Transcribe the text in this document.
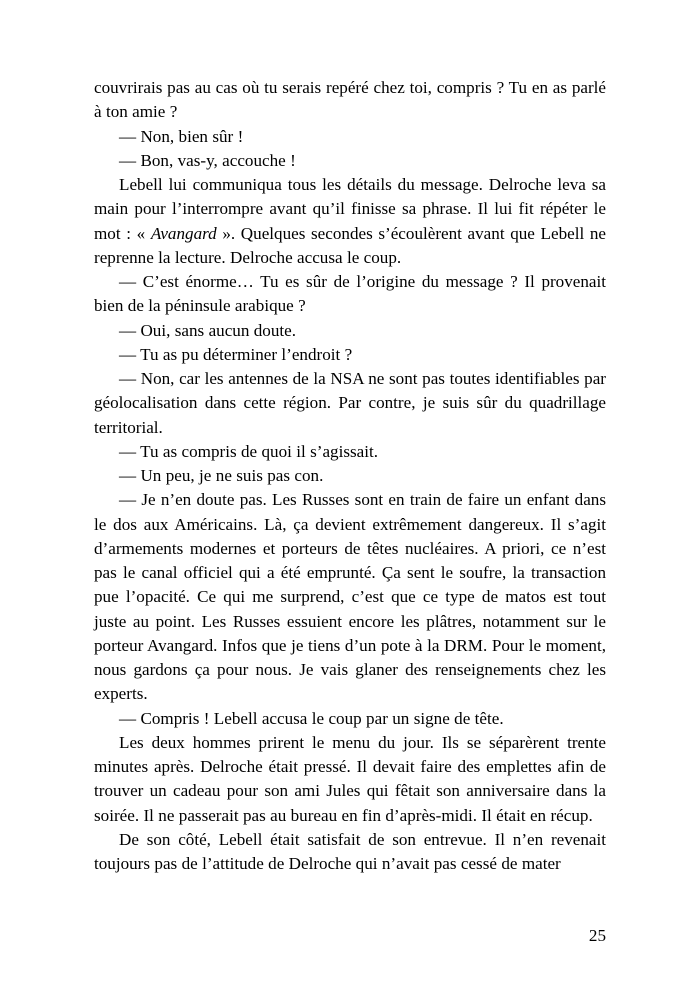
couvrirais pas au cas où tu serais repéré chez toi, compris ? Tu en as parlé à ton amie ?

— Non, bien sûr !

— Bon, vas-y, accouche !

Lebell lui communiqua tous les détails du message. Delroche leva sa main pour l’interrompre avant qu’il finisse sa phrase. Il lui fit répéter le mot : « Avangard ». Quelques secondes s’écoulèrent avant que Lebell ne reprenne la lecture. Delroche accusa le coup.

— C’est énorme… Tu es sûr de l’origine du message ? Il provenait bien de la péninsule arabique ?

— Oui, sans aucun doute.

— Tu as pu déterminer l’endroit ?

— Non, car les antennes de la NSA ne sont pas toutes identifiables par géolocalisation dans cette région. Par contre, je suis sûr du quadrillage territorial.

— Tu as compris de quoi il s’agissait.

— Un peu, je ne suis pas con.

— Je n’en doute pas. Les Russes sont en train de faire un enfant dans le dos aux Américains. Là, ça devient extrêmement dangereux. Il s’agit d’armements modernes et porteurs de têtes nucléaires. A priori, ce n’est pas le canal officiel qui a été emprunté. Ça sent le soufre, la transaction pue l’opacité. Ce qui me surprend, c’est que ce type de matos est tout juste au point. Les Russes essuient encore les plâtres, notamment sur le porteur Avangard. Infos que je tiens d’un pote à la DRM. Pour le moment, nous gardons ça pour nous. Je vais glaner des renseignements chez les experts.

— Compris ! Lebell accusa le coup par un signe de tête.

Les deux hommes prirent le menu du jour. Ils se séparèrent trente minutes après. Delroche était pressé. Il devait faire des emplettes afin de trouver un cadeau pour son ami Jules qui fêtait son anniversaire dans la soirée. Il ne passerait pas au bureau en fin d’après-midi. Il était en récup.

De son côté, Lebell était satisfait de son entrevue. Il n’en revenait toujours pas de l’attitude de Delroche qui n’avait pas cessé de mater

25
